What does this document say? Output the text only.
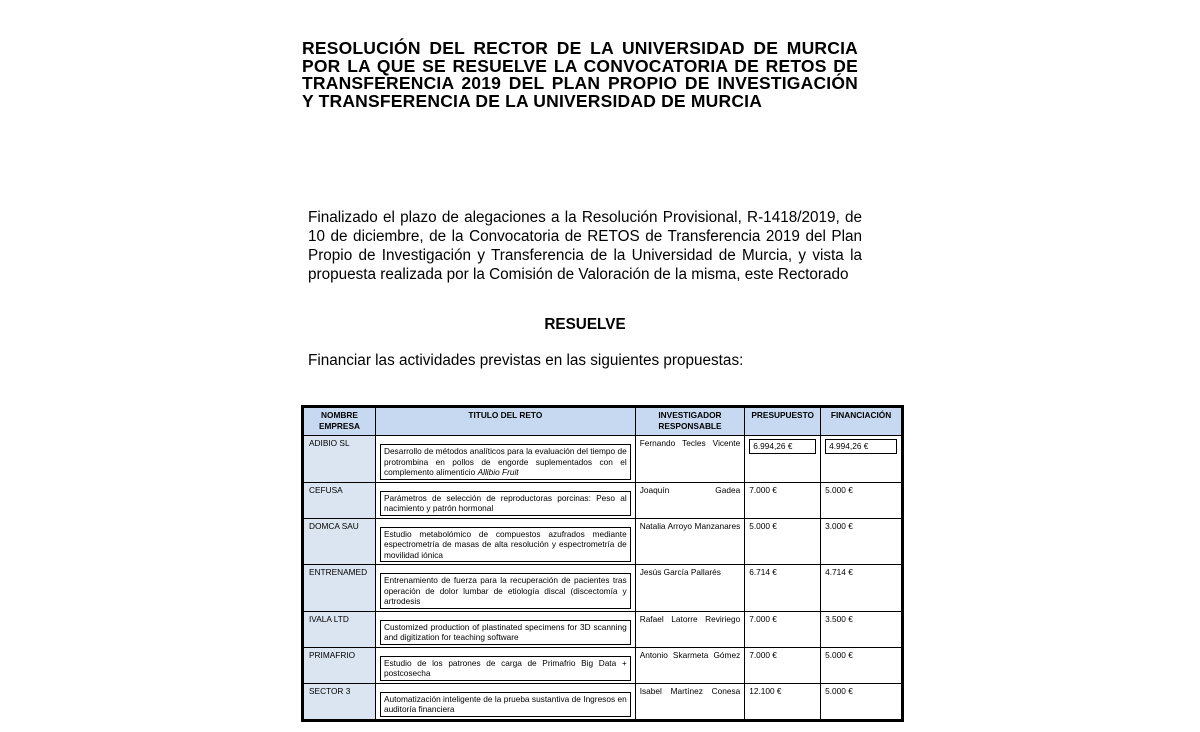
RESOLUCIÓN DEL RECTOR DE LA UNIVERSIDAD DE MURCIA POR LA QUE SE RESUELVE LA CONVOCATORIA DE RETOS DE TRANSFERENCIA 2019 DEL PLAN PROPIO DE INVESTIGACIÓN Y TRANSFERENCIA DE LA UNIVERSIDAD DE MURCIA

Finalizado el plazo de alegaciones a la Resolución Provisional, R-1418/2019, de 10 de diciembre, de la Convocatoria de RETOS de Transferencia 2019 del Plan Propio de Investigación y Transferencia de la Universidad de Murcia, y vista la propuesta realizada por la Comisión de Valoración de la misma, este Rectorado

RESUELVE

Financiar las actividades previstas en las siguientes propuestas:

NOMBRE EMPRESA	TITULO DEL RETO	INVESTIGADOR RESPONSABLE	PRESUPUESTO	FINANCIACIÓN
ADIBIO SL	Desarrollo de métodos analíticos para la evaluación del tiempo de protrombina en pollos de engorde suplementados con el complemento alimenticio Allibio Fruit	Fernando Tecles Vicente	6.994,26 €	4.994,26 €

CEFUSA	Parámetros de selección de reproductoras porcinas: Peso al nacimiento y patrón hormonal	Joaquín Gadea	7.000 €	5.000 €
DOMCA SAU	Estudio metabolómico de compuestos azufrados mediante espectrometría de masas de alta resolución y espectrometría de movilidad iónica	Natalia Arroyo Manzanares	5.000 €	3.000 €
ENTRENAMED	Entrenamiento de fuerza para la recuperación de pacientes tras operación de dolor lumbar de etiología discal (discectomía y artrodesis	Jesús García Pallarés	6.714 €	4.714 €
IVALA LTD	Customized production of plastinated specimens for 3D scanning and digitization for teaching software	Rafael Latorre Reviriego	7.000 €	3.500 €
PRIMAFRIO	Estudio de los patrones de carga de Primafrio Big Data + postcosecha	Antonio Skarmeta Gómez	7.000 €	5.000 €
SECTOR 3	Automatización inteligente de la prueba sustantiva de Ingresos en auditoría financiera	Isabel Martínez Conesa	12.100 €	5.000 €
